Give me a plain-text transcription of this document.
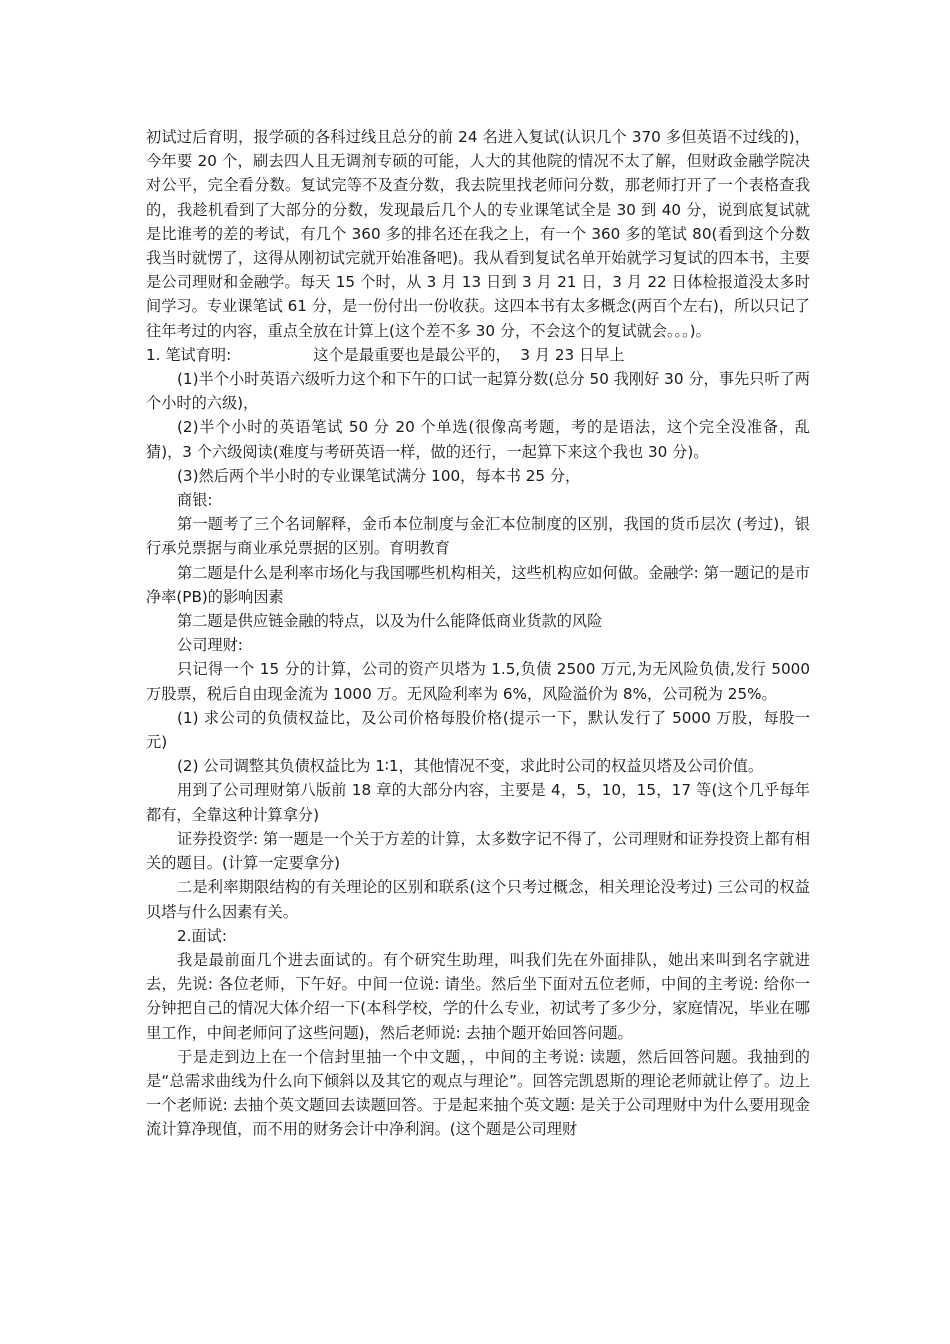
初试过后育明，报学硕的各科过线且总分的前 24 名进入复试(认识几个 370 多但英语不过线的)，今年要 20 个，刷去四人且无调剂专硕的可能，人大的其他院的情况不太了解，但财政金融学院决对公平，完全看分数。复试完等不及查分数，我去院里找老师问分数，那老师打开了一个表格查我的，我趁机看到了大部分的分数，发现最后几个人的专业课笔试全是 30 到 40 分，说到底复试就是比谁考的差的考试，有几个 360 多的排名还在我之上，有一个 360 多的笔试 80(看到这个分数我当时就愣了，这得从刚初试完就开始准备吧)。我从看到复试名单开始就学习复试的四本书，主要是公司理财和金融学。每天 15 个时，从 3 月 13 日到 3 月 21 日，3 月 22 日体检报道没太多时间学习。专业课笔试 61 分，是一份付出一份收获。这四本书有太多概念(两百个左右)，所以只记了往年考过的内容，重点全放在计算上(这个差不多 30 分，不会这个的复试就会。。。)。

1. 笔试育明:                 这个是最重要也是最公平的，  3 月 23 日早上

(1)半个小时英语六级听力这个和下午的口试一起算分数(总分 50 我刚好 30 分，事先只听了两个小时的六级)，

(2)半个小时的英语笔试 50 分 20 个单选(很像高考题，考的是语法，这个完全没准备，乱猜)，3 个六级阅读(难度与考研英语一样，做的还行，一起算下来这个我也 30 分)。

(3)然后两个半小时的专业课笔试满分 100，每本书 25 分，

商银:

第一题考了三个名词解释，金币本位制度与金汇本位制度的区别，我国的货币层次 (考过)，银行承兑票据与商业承兑票据的区别。育明教育

第二题是什么是利率市场化与我国哪些机构相关，这些机构应如何做。金融学: 第一题记的是市净率(PB)的影响因素

第二题是供应链金融的特点，以及为什么能降低商业货款的风险

公司理财:

只记得一个 15 分的计算，公司的资产贝塔为 1.5,负债 2500 万元,为无风险负债,发行 5000 万股票，税后自由现金流为 1000 万。无风险利率为 6%，风险溢价为 8%，公司税为 25%。

(1) 求公司的负债权益比，及公司价格每股价格(提示一下，默认发行了 5000 万股，每股一元)

(2) 公司调整其负债权益比为 1∶1，其他情况不变，求此时公司的权益贝塔及公司价值。

用到了公司理财第八版前 18 章的大部分内容，主要是 4，5，10，15，17 等(这个几乎每年都有，全靠这种计算拿分)

证券投资学: 第一题是一个关于方差的计算，太多数字记不得了，公司理财和证券投资上都有相关的题目。(计算一定要拿分)

二是利率期限结构的有关理论的区别和联系(这个只考过概念，相关理论没考过) 三公司的权益贝塔与什么因素有关。

2.面试:

我是最前面几个进去面试的。有个研究生助理，叫我们先在外面排队，她出来叫到名字就进去，先说: 各位老师，下午好。中间一位说: 请坐。然后坐下面对五位老师，中间的主考说: 给你一分钟把自己的情况大体介绍一下(本科学校，学的什么专业，初试考了多少分，家庭情况，毕业在哪里工作，中间老师问了这些问题)，然后老师说: 去抽个题开始回答问题。

于是走到边上在一个信封里抽一个中文题，，中间的主考说: 读题，然后回答问题。我抽到的是“总需求曲线为什么向下倾斜以及其它的观点与理论”。回答完凯恩斯的理论老师就让停了。边上一个老师说: 去抽个英文题回去读题回答。于是起来抽个英文题: 是关于公司理财中为什么要用现金流计算净现值，而不用的财务会计中净利润。(这个题是公司理财
